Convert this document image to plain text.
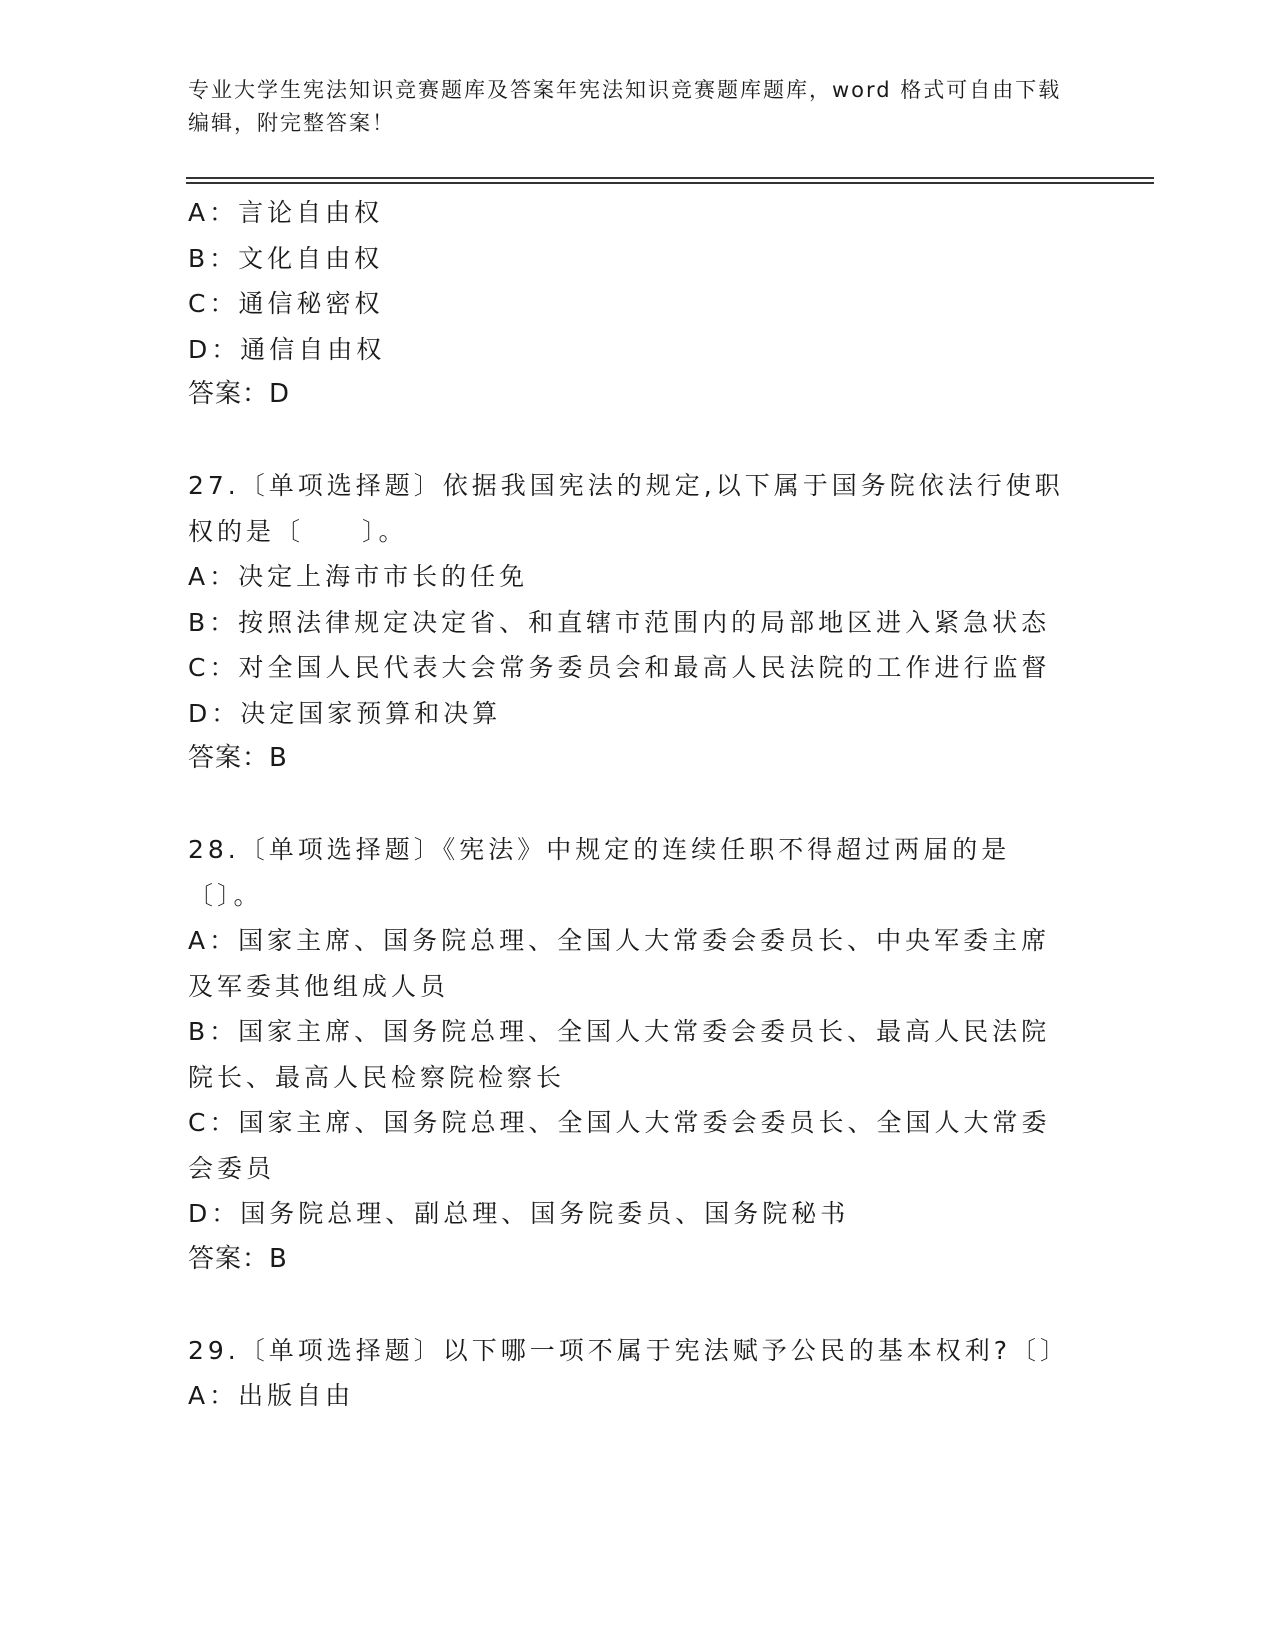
专业大学生宪法知识竞赛题库及答案年宪法知识竞赛题库题库，word 格式可自由下载编辑，附完整答案！
A：言论自由权
B：文化自由权
C：通信秘密权
D：通信自由权
答案：D
27.〔单项选择题〕依据我国宪法的规定,以下属于国务院依法行使职权的是〔　　〕。
A：决定上海市市长的任免
B：按照法律规定决定省、和直辖市范围内的局部地区进入紧急状态
C：对全国人民代表大会常务委员会和最高人民法院的工作进行监督
D：决定国家预算和决算
答案：B
28.〔单项选择题〕《宪法》中规定的连续任职不得超过两届的是〔〕。
A：国家主席、国务院总理、全国人大常委会委员长、中央军委主席及军委其他组成人员
B：国家主席、国务院总理、全国人大常委会委员长、最高人民法院院长、最高人民检察院检察长
C：国家主席、国务院总理、全国人大常委会委员长、全国人大常委会委员
D：国务院总理、副总理、国务院委员、国务院秘书
答案：B
29.〔单项选择题〕以下哪一项不属于宪法赋予公民的基本权利?〔〕
A：出版自由
